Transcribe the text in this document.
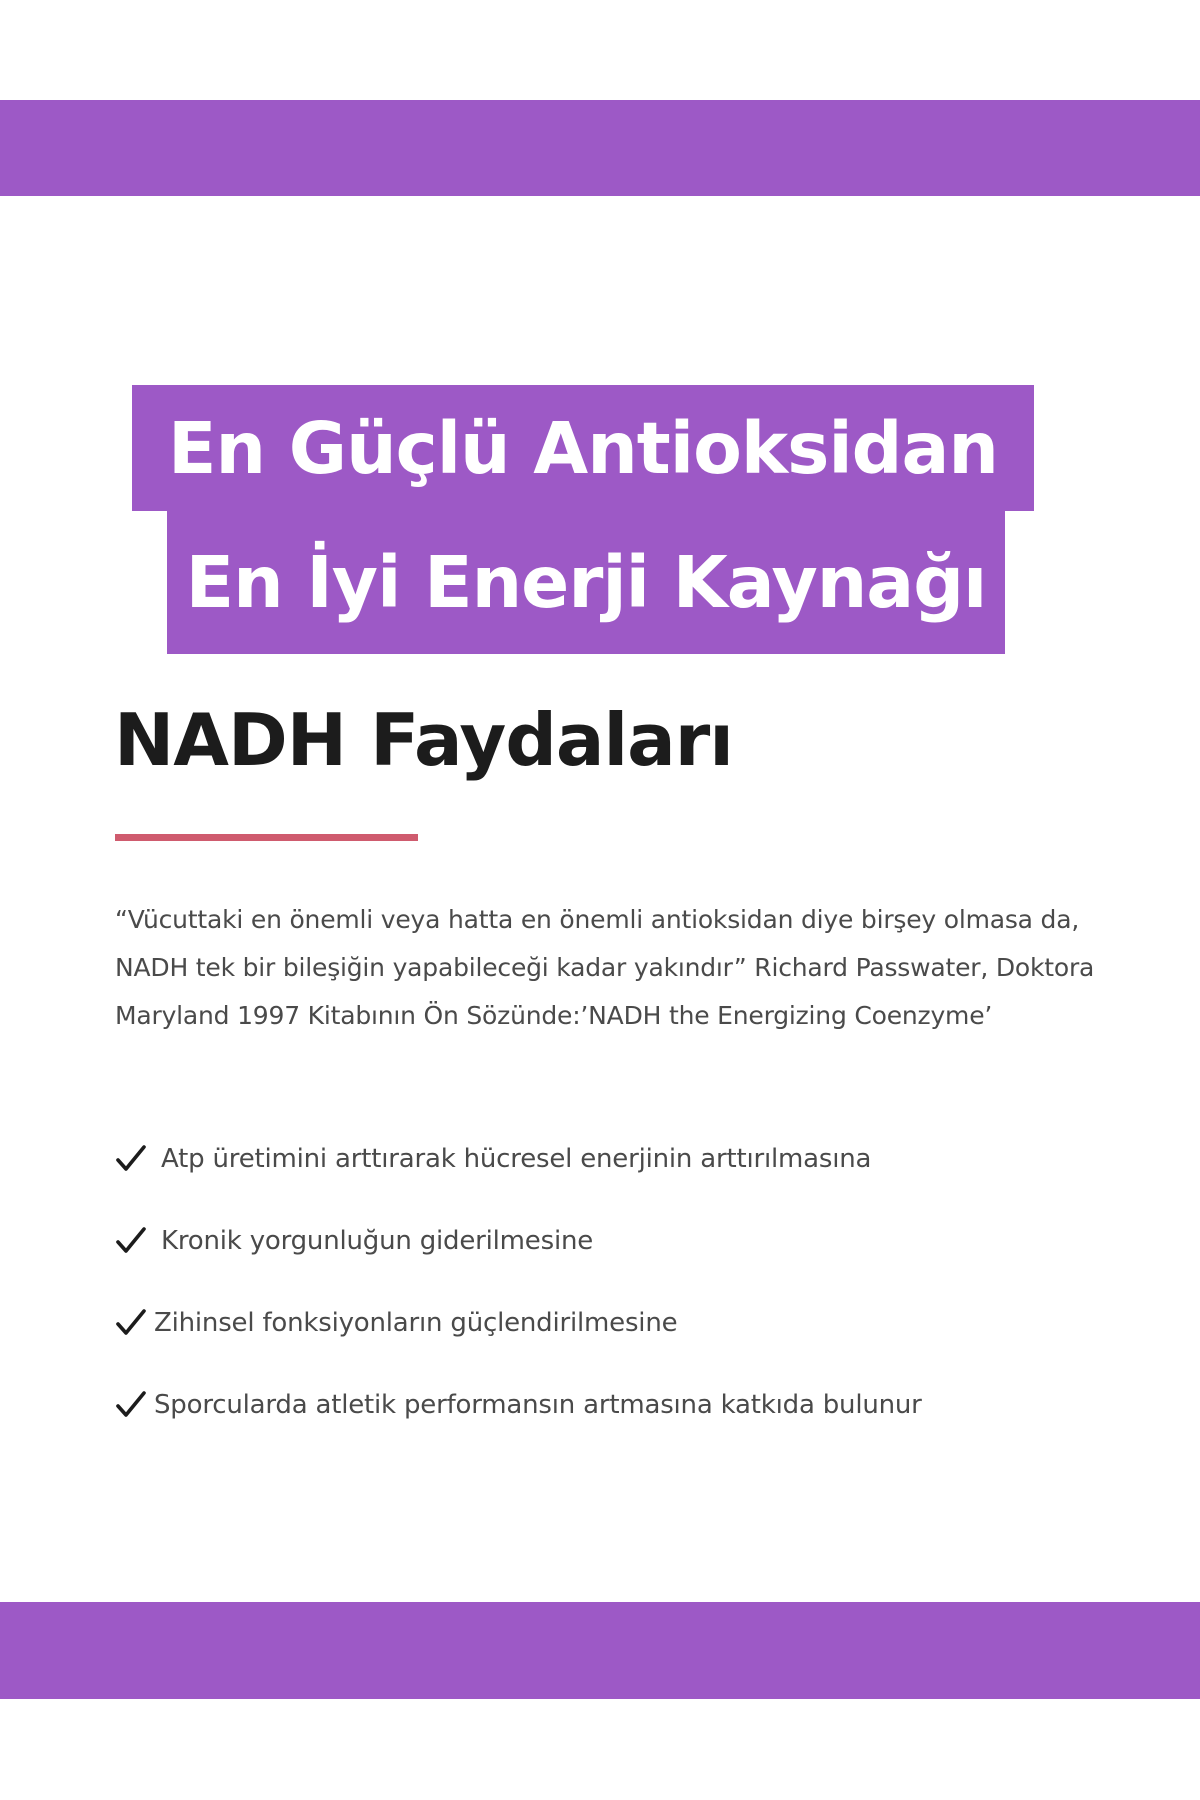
En Güçlü Antioksidan
En İyi Enerji Kaynağı
NADH Faydaları

“Vücuttaki en önemli veya hatta en önemli antioksidan diye birşey olmasa da, NADH tek bir bileşiğin yapabileceği kadar yakındır” Richard Passwater, Doktora Maryland 1997 Kitabının Ön Sözünde:’NADH the Energizing Coenzyme’

Atp üretimini arttırarak hücresel enerjinin arttırılmasına
Kronik yorgunluğun giderilmesine
Zihinsel fonksiyonların güçlendirilmesine
Sporcularda atletik performansın artmasına katkıda bulunur
